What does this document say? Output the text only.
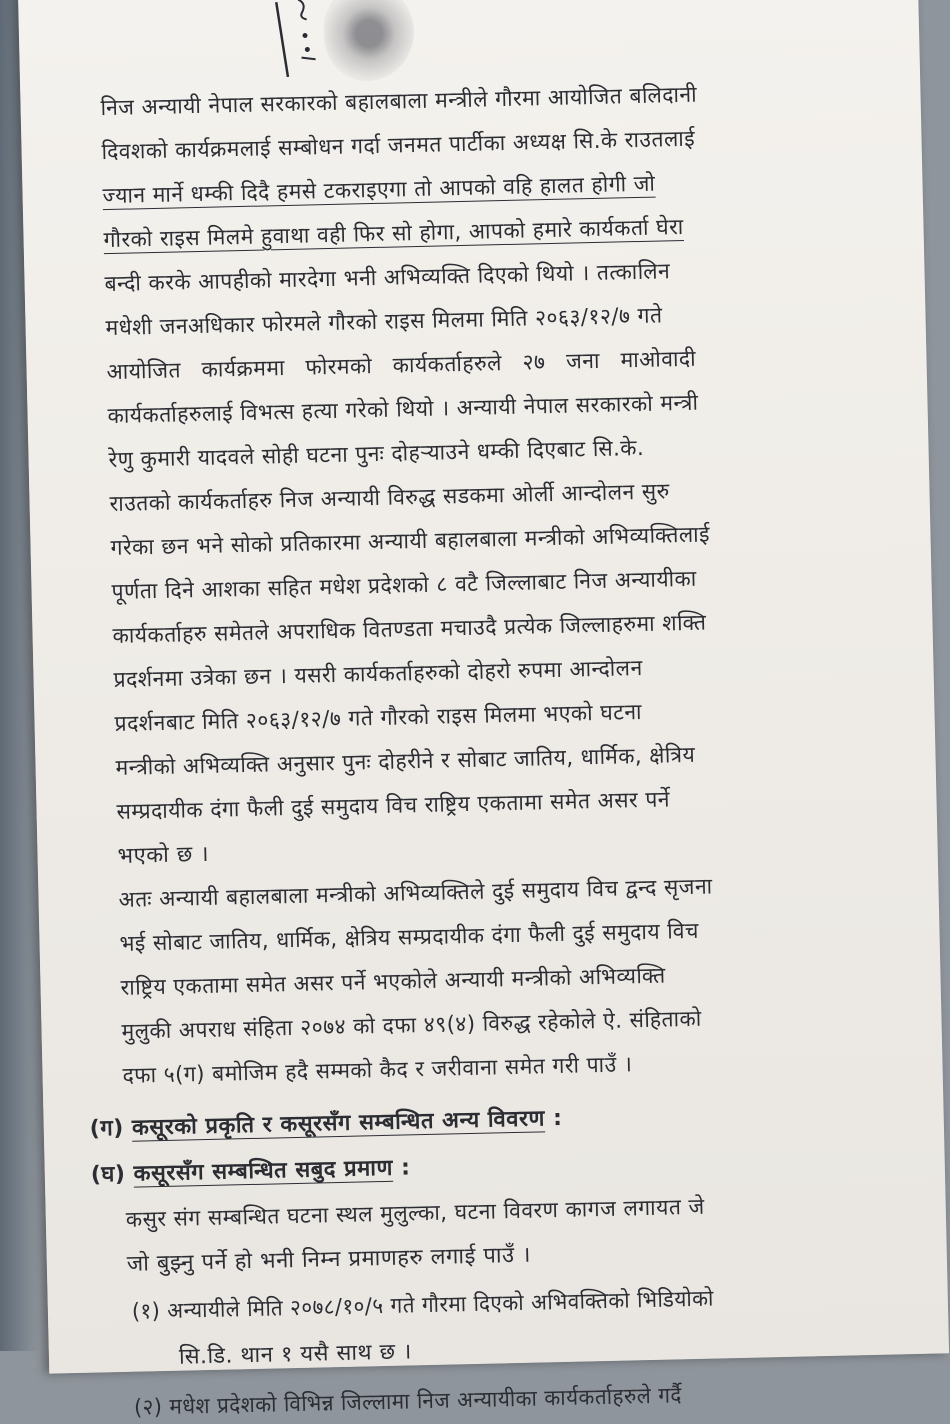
निज अन्यायी नेपाल सरकारको बहालबाला मन्त्रीले गौरमा आयोजित बलिदानी
दिवशको कार्यक्रमलाई सम्बोधन गर्दा जनमत पार्टीका अध्यक्ष सि.के राउतलाई
ज्यान मार्ने धम्की दिदै हमसे टकराइएगा तो आपको वहि हालत होगी जो
गौरको राइस मिलमे हुवाथा वही फिर सो होगा, आपको हमारे कार्यकर्ता घेरा
बन्दी करके आपहीको मारदेगा भनी अभिव्यक्ति दिएको थियो । तत्कालिन
मधेशी जनअधिकार फोरमले गौरको राइस मिलमा मिति २०६३/१२/७ गते
आयोजित कार्यक्रममा फोरमको कार्यकर्ताहरुले २७ जना माओवादी
कार्यकर्ताहरुलाई विभत्स हत्या गरेको थियो । अन्यायी नेपाल सरकारको मन्त्री
रेणु कुमारी यादवले सोही घटना पुनः दोहऱ्याउने धम्की दिएबाट सि.के.
राउतको कार्यकर्ताहरु निज अन्यायी विरुद्ध सडकमा ओर्ली आन्दोलन सुरु
गरेका छन भने सोको प्रतिकारमा अन्यायी बहालबाला मन्त्रीको अभिव्यक्तिलाई
पूर्णता दिने आशका सहित मधेश प्रदेशको ८ वटै जिल्लाबाट निज अन्यायीका
कार्यकर्ताहरु समेतले अपराधिक वितण्डता मचाउदै प्रत्येक जिल्लाहरुमा शक्ति
प्रदर्शनमा उत्रेका छन । यसरी कार्यकर्ताहरुको दोहरो रुपमा आन्दोलन
प्रदर्शनबाट मिति २०६३/१२/७ गते गौरको राइस मिलमा भएको घटना
मन्त्रीको अभिव्यक्ति अनुसार पुनः दोहरीने र सोबाट जातिय, धार्मिक, क्षेत्रिय
सम्प्रदायीक दंगा फैली दुई समुदाय विच राष्ट्रिय एकतामा समेत असर पर्ने
भएको छ ।
अतः अन्यायी बहालबाला मन्त्रीको अभिव्यक्तिले दुई समुदाय विच द्वन्द सृजना
भई सोबाट जातिय, धार्मिक, क्षेत्रिय सम्प्रदायीक दंगा फैली दुई समुदाय विच
राष्ट्रिय एकतामा समेत असर पर्ने भएकोले अन्यायी मन्त्रीको अभिव्यक्ति
मुलुकी अपराध संहिता २०७४ को दफा ४९(४) विरुद्ध रहेकोले ऐ. संहिताको
दफा ५(ग) बमोजिम हदै सम्मको कैद र जरीवाना समेत गरी पाउँ ।
(ग) कसूरको प्रकृति र कसूरसँग सम्बन्धित अन्य विवरण :
(घ) कसूरसँग सम्बन्धित सबुद प्रमाण :
कसुर संग सम्बन्धित घटना स्थल मुलुल्का, घटना विवरण कागज लगायत जे
जो बुझ्नु पर्ने हो भनी निम्न प्रमाणहरु लगाई पाउँ ।
(१) अन्यायीले मिति २०७८/१०/५ गते गौरमा दिएको अभिवक्तिको भिडियोको
सि.डि. थान १ यसै साथ छ ।
(२) मधेश प्रदेशको विभिन्न जिल्लामा निज अन्यायीका कार्यकर्ताहरुले गर्दै
